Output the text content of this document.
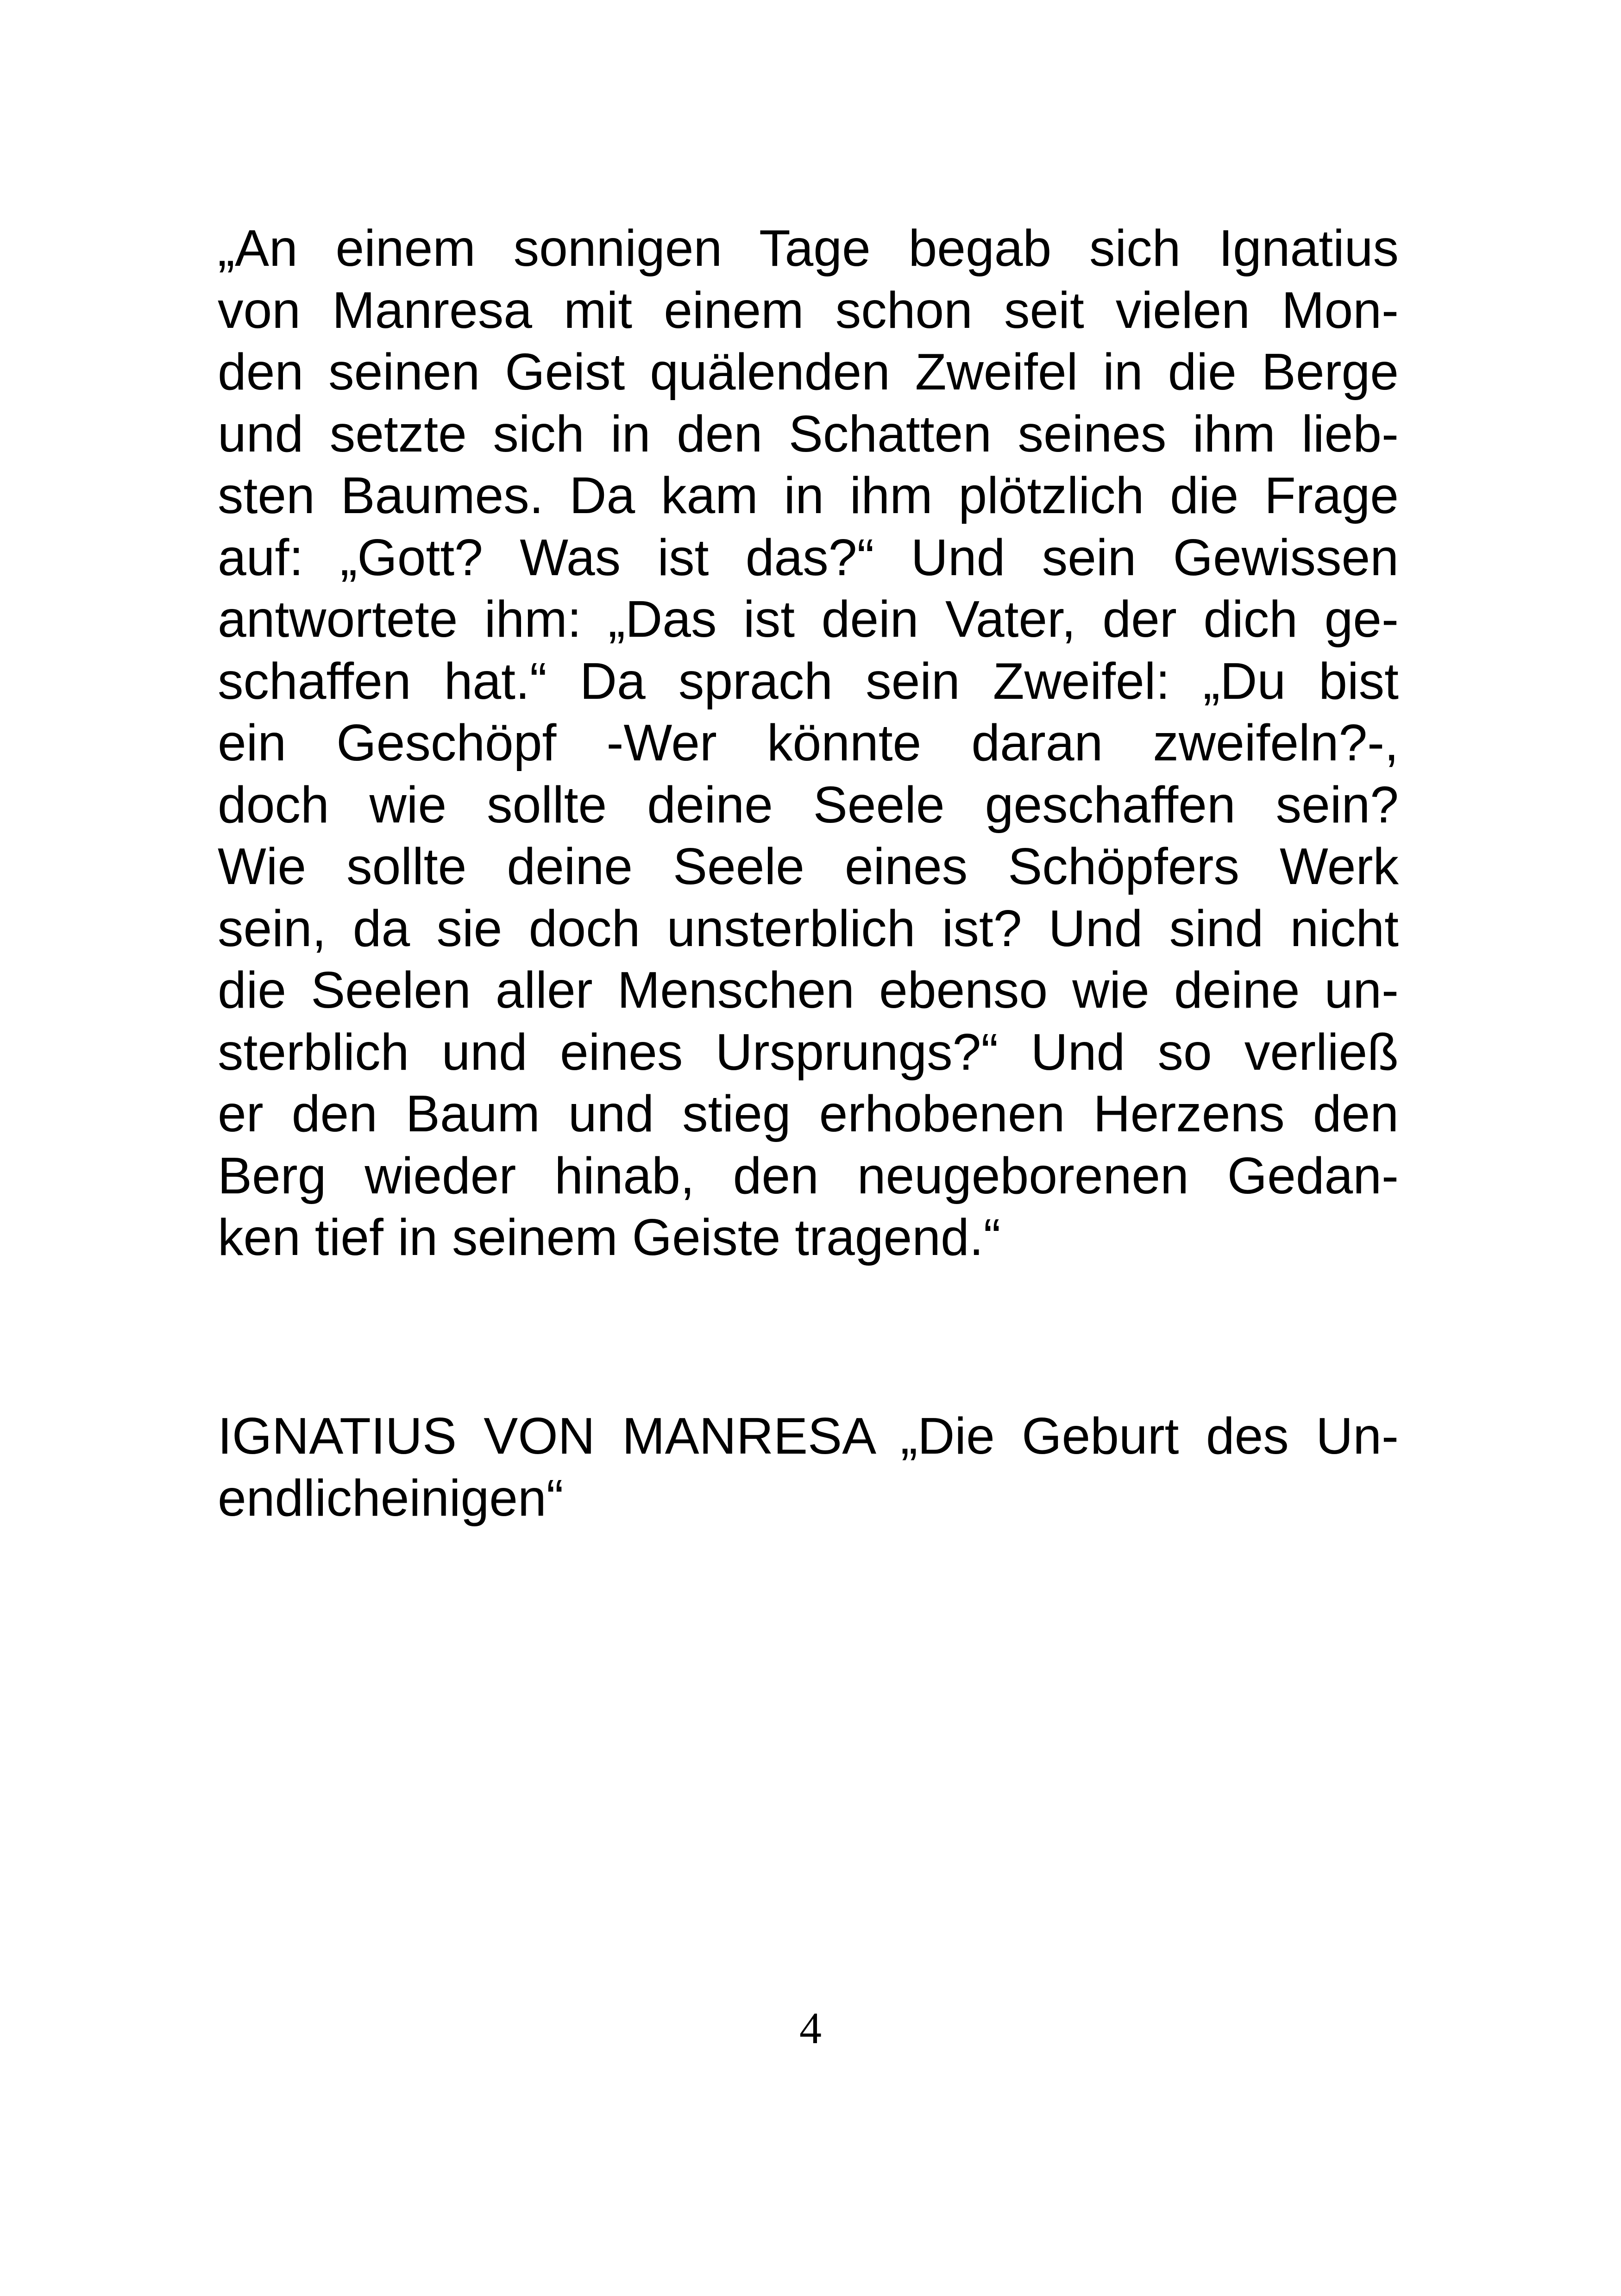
„An einem sonnigen Tage begab sich Ignatius
von Manresa mit einem schon seit vielen Mon-
den seinen Geist quälenden Zweifel in die Berge
und setzte sich in den Schatten seines ihm lieb-
sten Baumes. Da kam in ihm plötzlich die Frage
auf: „Gott? Was ist das?“ Und sein Gewissen
antwortete ihm: „Das ist dein Vater, der dich ge-
schaffen hat.“ Da sprach sein Zweifel: „Du bist
ein Geschöpf -Wer könnte daran zweifeln?-,
doch wie sollte deine Seele geschaffen sein?
Wie sollte deine Seele eines Schöpfers Werk
sein, da sie doch unsterblich ist? Und sind nicht
die Seelen aller Menschen ebenso wie deine un-
sterblich und eines Ursprungs?“ Und so verließ
er den Baum und stieg erhobenen Herzens den
Berg wieder hinab, den neugeborenen Gedan-
ken tief in seinem Geiste tragend.“
IGNATIUS VON MANRESA „Die Geburt des Un-
endlicheinigen“
4
